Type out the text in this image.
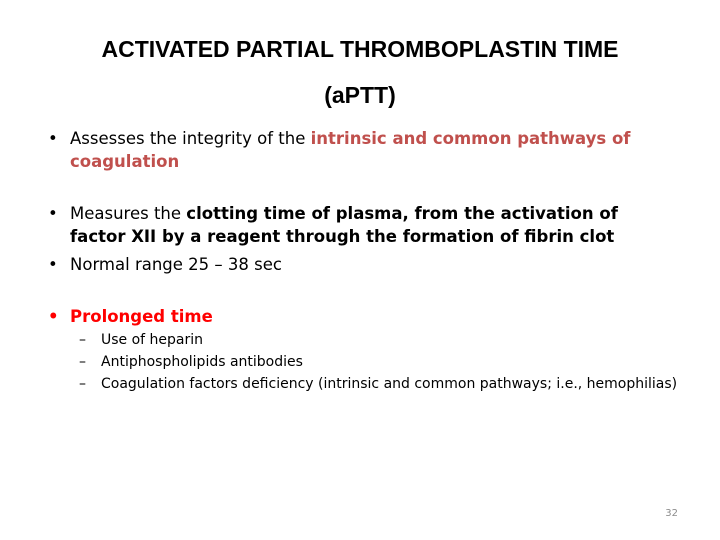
ACTIVATED PARTIAL THROMBOPLASTIN TIME
(aPTT)
• Assesses the integrity of the intrinsic and common pathways of coagulation
• Measures the clotting time of plasma, from the activation of factor XII by a reagent through the formation of fibrin clot
• Normal range 25 – 38 sec
• Prolonged time
– Use of heparin
– Antiphospholipids antibodies
– Coagulation factors deficiency (intrinsic and common pathways; i.e., hemophilias)
32
